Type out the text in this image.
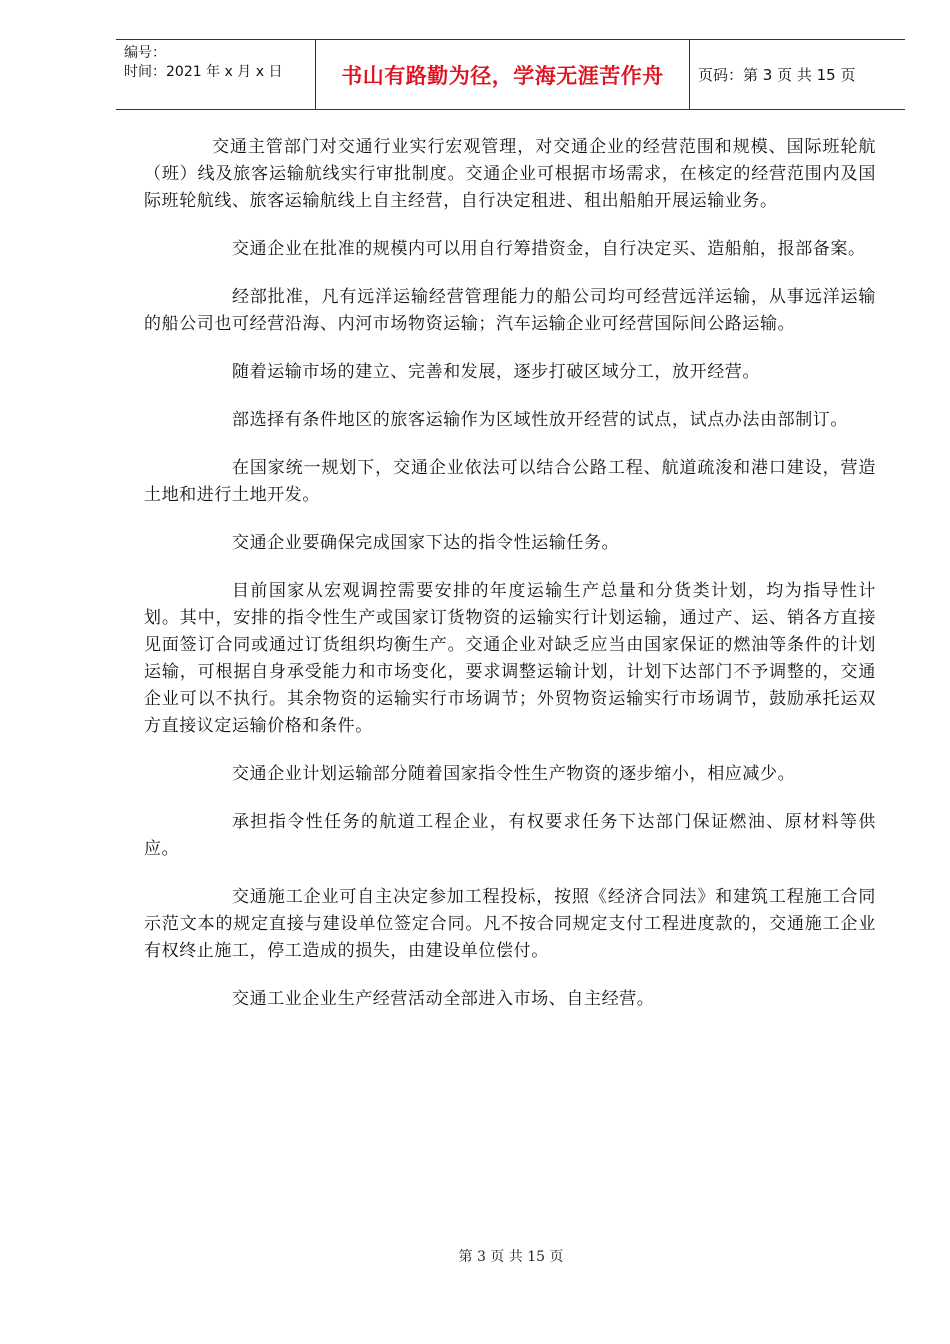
编号：
时间：2021 年 x 月 x 日	书山有路勤为径，学海无涯苦作舟	页码：第 3 页 共 15 页

交通主管部门对交通行业实行宏观管理，对交通企业的经营范围和规模、国际班轮航（班）线及旅客运输航线实行审批制度。交通企业可根据市场需求，在核定的经营范围内及国际班轮航线、旅客运输航线上自主经营，自行决定租进、租出船舶开展运输业务。

交通企业在批准的规模内可以用自行筹措资金，自行决定买、造船舶，报部备案。

经部批准，凡有远洋运输经营管理能力的船公司均可经营远洋运输，从事远洋运输的船公司也可经营沿海、内河市场物资运输；汽车运输企业可经营国际间公路运输。

随着运输市场的建立、完善和发展，逐步打破区域分工，放开经营。

部选择有条件地区的旅客运输作为区域性放开经营的试点，试点办法由部制订。

在国家统一规划下，交通企业依法可以结合公路工程、航道疏浚和港口建设，营造土地和进行土地开发。

交通企业要确保完成国家下达的指令性运输任务。

目前国家从宏观调控需要安排的年度运输生产总量和分货类计划，均为指导性计划。其中，安排的指令性生产或国家订货物资的运输实行计划运输，通过产、运、销各方直接见面签订合同或通过订货组织均衡生产。交通企业对缺乏应当由国家保证的燃油等条件的计划运输，可根据自身承受能力和市场变化，要求调整运输计划，计划下达部门不予调整的，交通企业可以不执行。其余物资的运输实行市场调节；外贸物资运输实行市场调节，鼓励承托运双方直接议定运输价格和条件。

交通企业计划运输部分随着国家指令性生产物资的逐步缩小，相应减少。

承担指令性任务的航道工程企业，有权要求任务下达部门保证燃油、原材料等供应。

交通施工企业可自主决定参加工程投标，按照《经济合同法》和建筑工程施工合同示范文本的规定直接与建设单位签定合同。凡不按合同规定支付工程进度款的，交通施工企业有权终止施工，停工造成的损失，由建设单位偿付。

交通工业企业生产经营活动全部进入市场、自主经营。

第 3 页 共 15 页
